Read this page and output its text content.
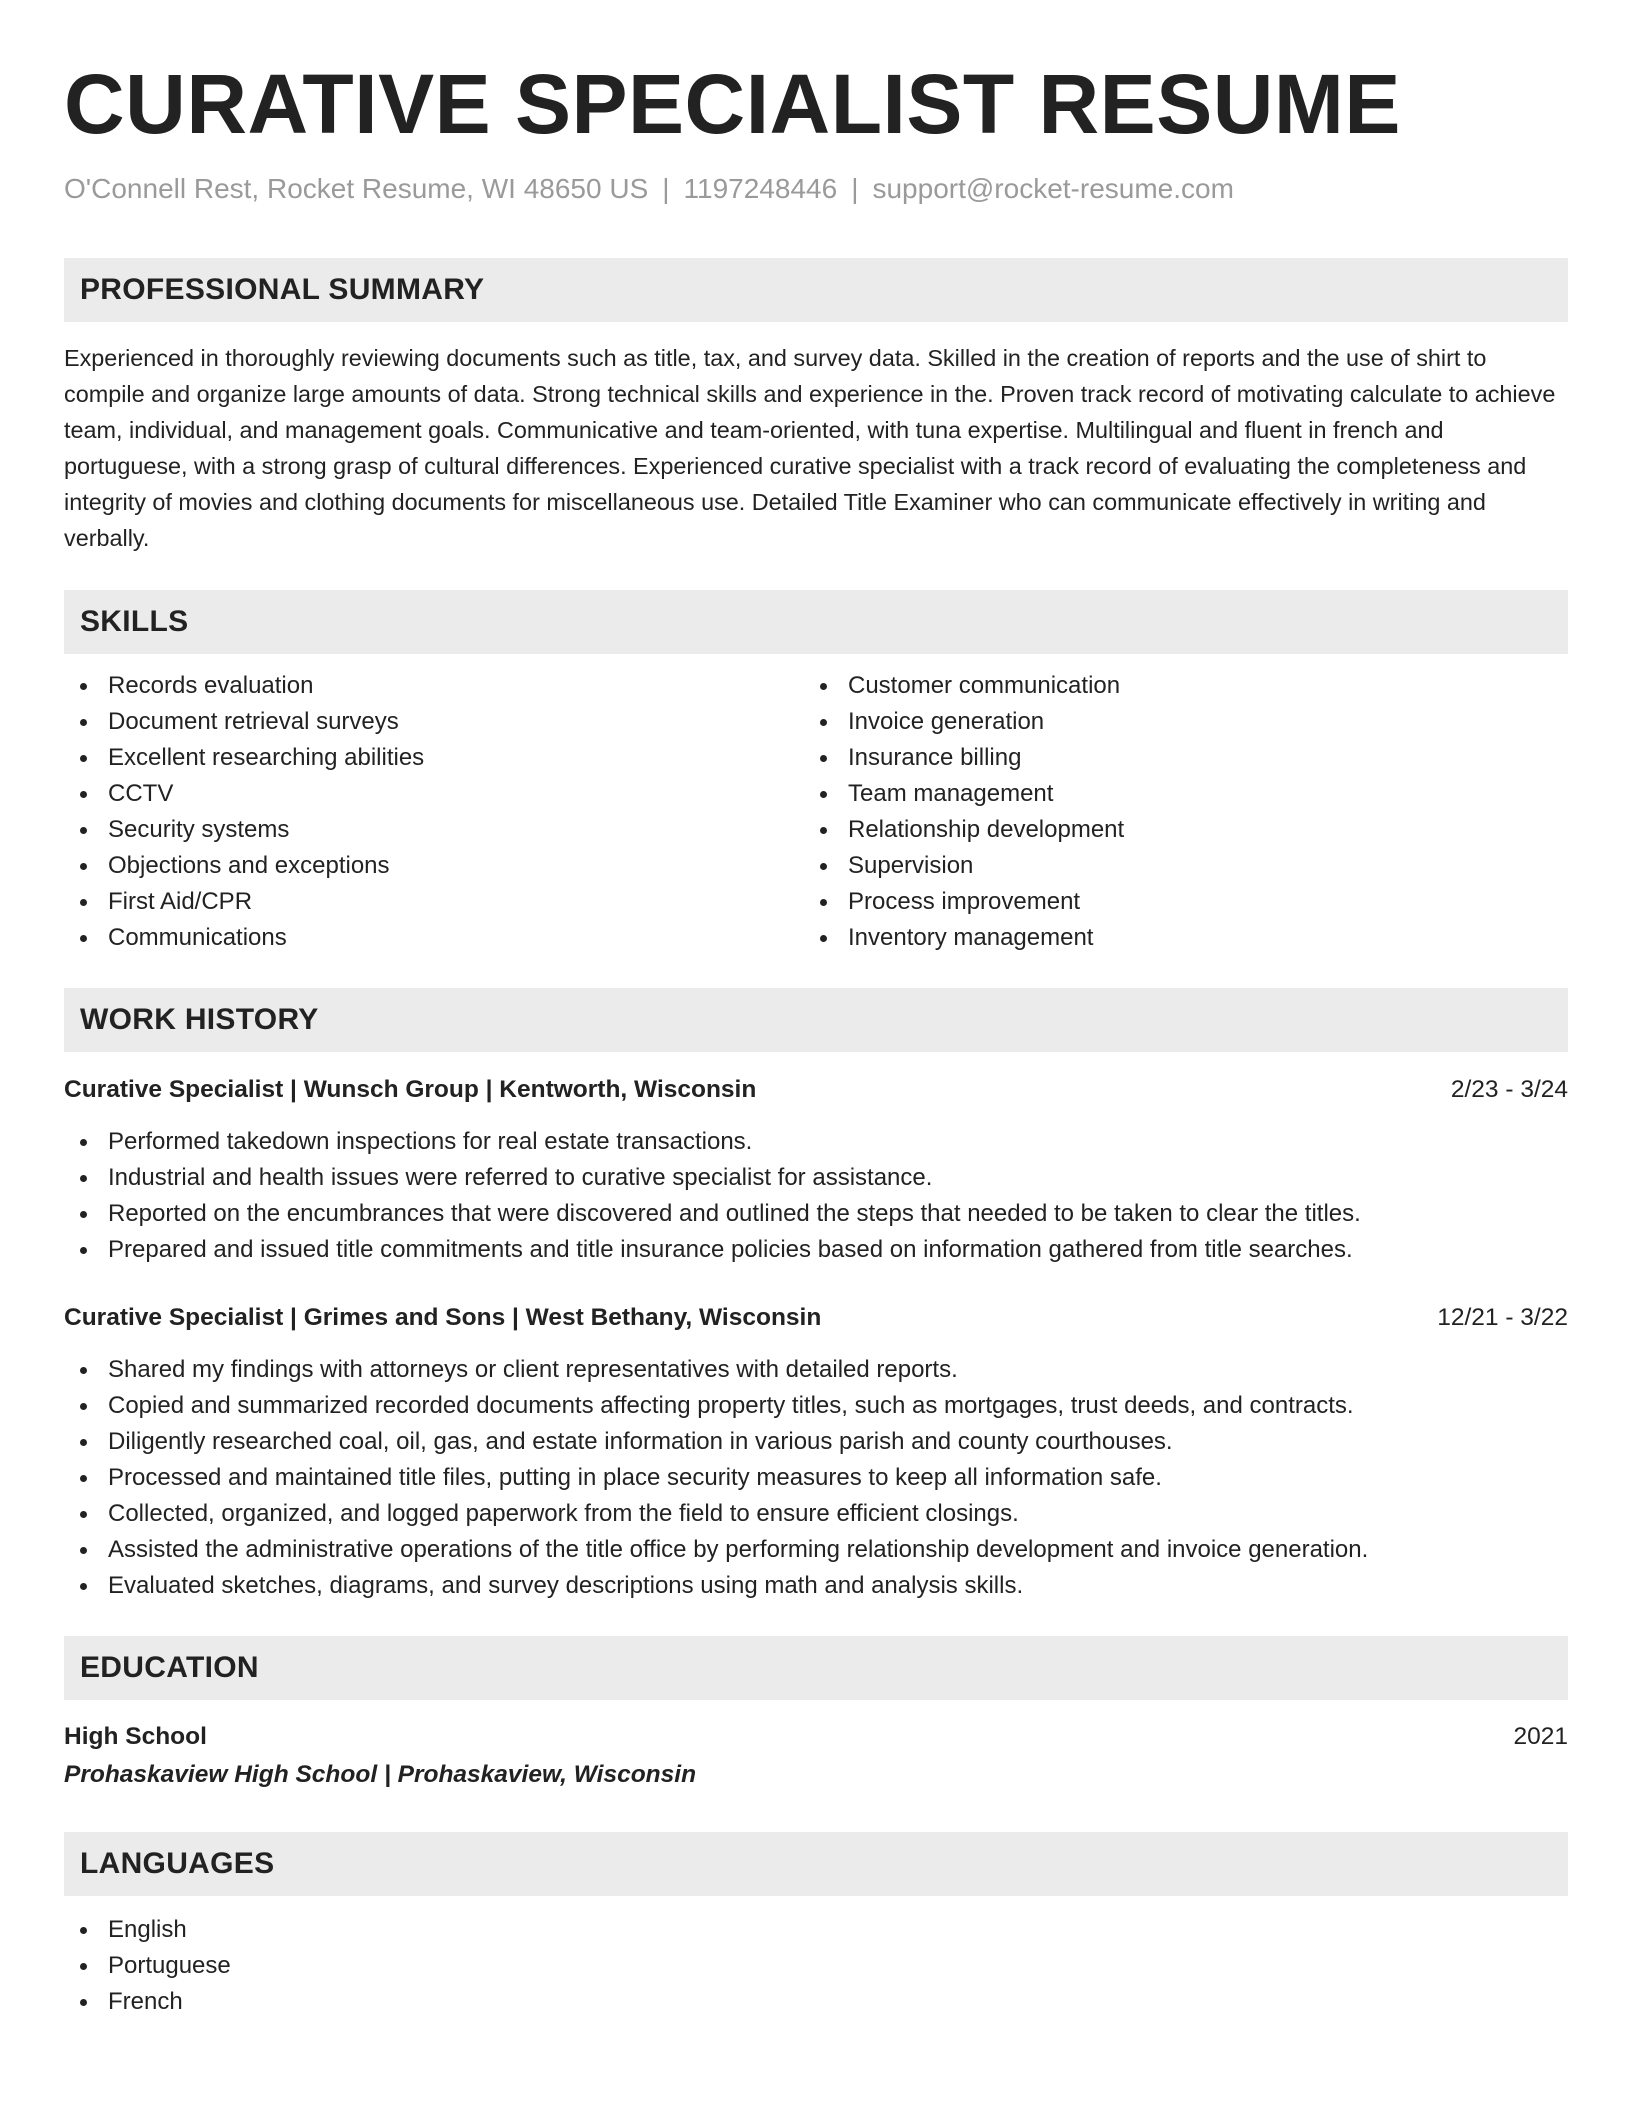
CURATIVE SPECIALIST RESUME
O'Connell Rest, Rocket Resume, WI 48650 US | 1197248446 | support@rocket-resume.com
PROFESSIONAL SUMMARY
Experienced in thoroughly reviewing documents such as title, tax, and survey data. Skilled in the creation of reports and the use of shirt to compile and organize large amounts of data. Strong technical skills and experience in the. Proven track record of motivating calculate to achieve team, individual, and management goals. Communicative and team-oriented, with tuna expertise. Multilingual and fluent in french and portuguese, with a strong grasp of cultural differences. Experienced curative specialist with a track record of evaluating the completeness and integrity of movies and clothing documents for miscellaneous use. Detailed Title Examiner who can communicate effectively in writing and verbally.
SKILLS
Records evaluation
Document retrieval surveys
Excellent researching abilities
CCTV
Security systems
Objections and exceptions
First Aid/CPR
Communications
Customer communication
Invoice generation
Insurance billing
Team management
Relationship development
Supervision
Process improvement
Inventory management
WORK HISTORY
Curative Specialist | Wunsch Group | Kentworth, Wisconsin	2/23 - 3/24
Performed takedown inspections for real estate transactions.
Industrial and health issues were referred to curative specialist for assistance.
Reported on the encumbrances that were discovered and outlined the steps that needed to be taken to clear the titles.
Prepared and issued title commitments and title insurance policies based on information gathered from title searches.
Curative Specialist | Grimes and Sons | West Bethany, Wisconsin	12/21 - 3/22
Shared my findings with attorneys or client representatives with detailed reports.
Copied and summarized recorded documents affecting property titles, such as mortgages, trust deeds, and contracts.
Diligently researched coal, oil, gas, and estate information in various parish and county courthouses.
Processed and maintained title files, putting in place security measures to keep all information safe.
Collected, organized, and logged paperwork from the field to ensure efficient closings.
Assisted the administrative operations of the title office by performing relationship development and invoice generation.
Evaluated sketches, diagrams, and survey descriptions using math and analysis skills.
EDUCATION
High School	2021
Prohaskaview High School | Prohaskaview, Wisconsin
LANGUAGES
English
Portuguese
French
